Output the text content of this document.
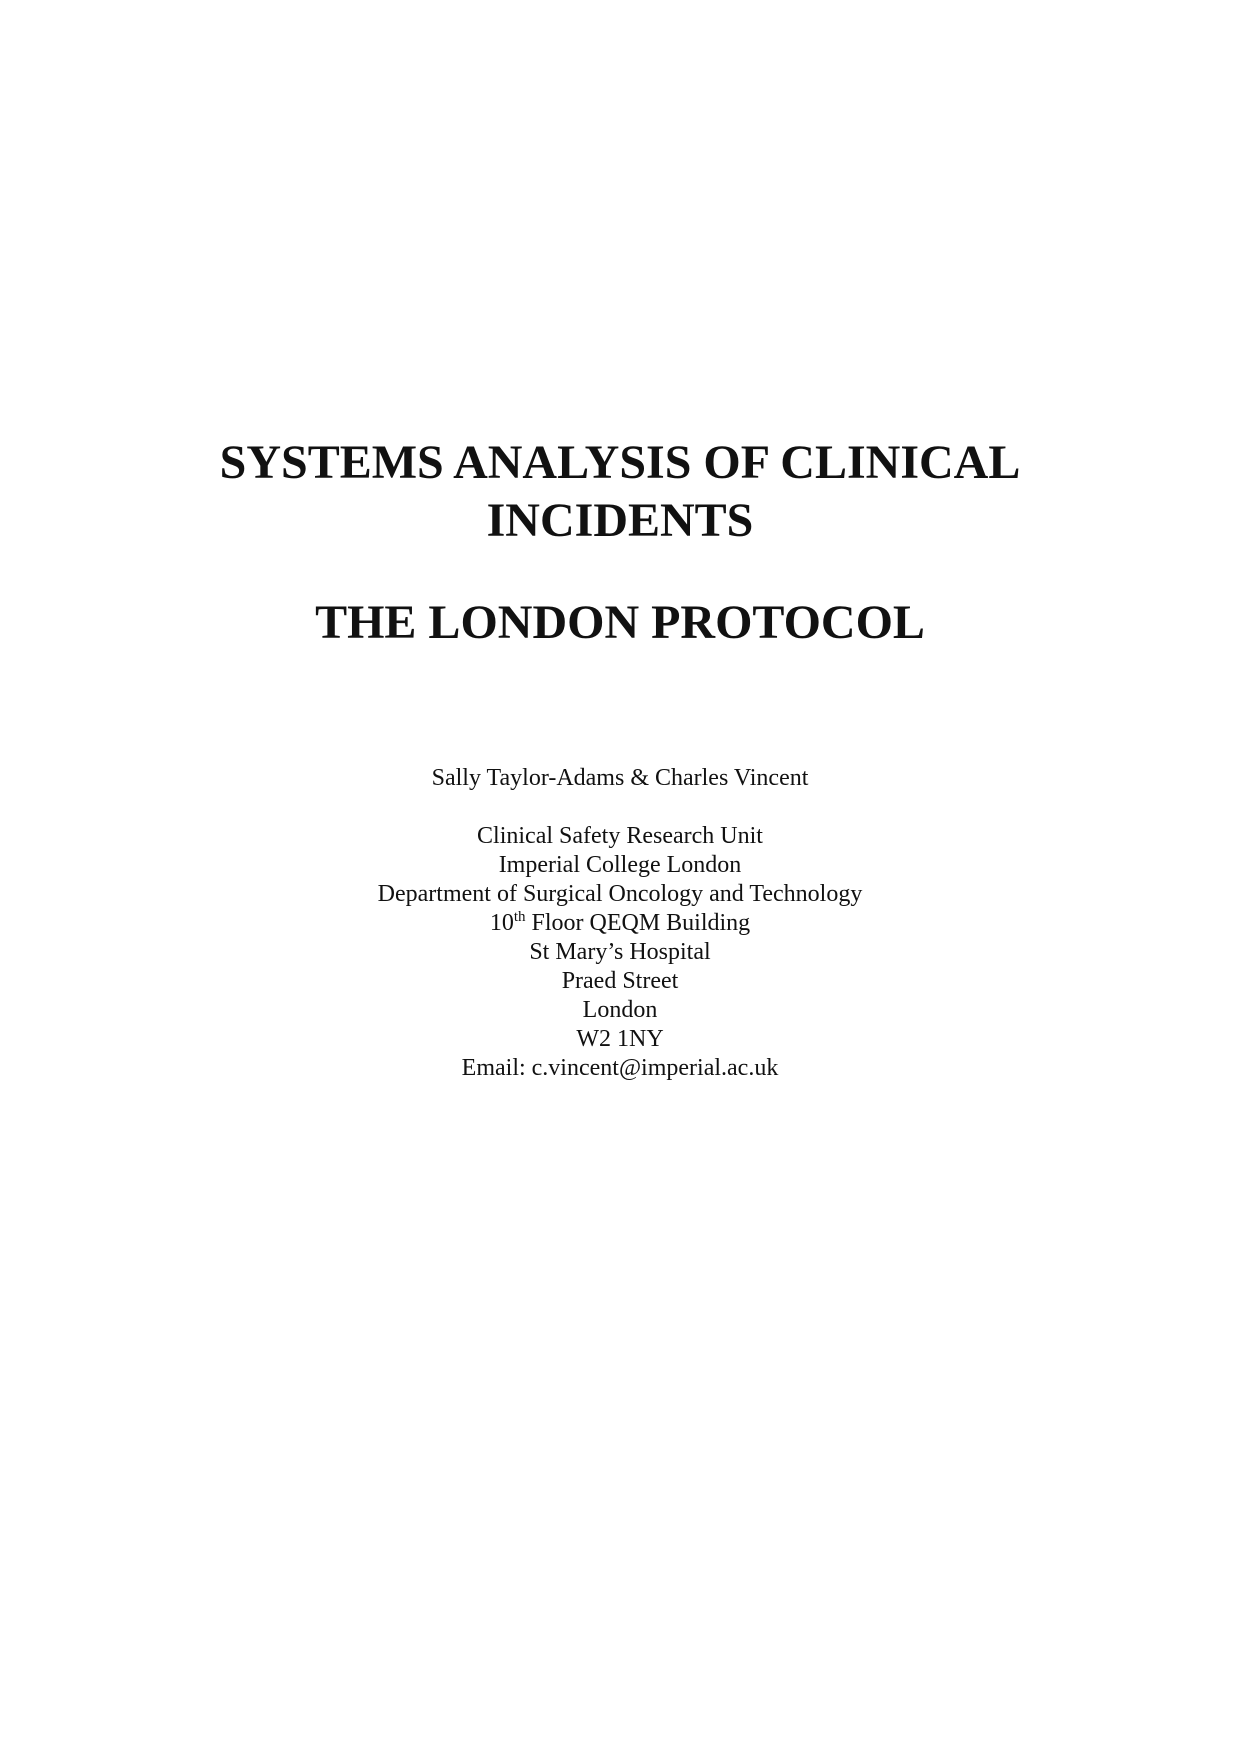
SYSTEMS ANALYSIS OF CLINICAL
INCIDENTS
THE LONDON PROTOCOL
Sally Taylor-Adams & Charles Vincent
Clinical Safety Research Unit
Imperial College London
Department of Surgical Oncology and Technology
10th Floor QEQM Building
St Mary’s Hospital
Praed Street
London
W2 1NY
Email: c.vincent@imperial.ac.uk
